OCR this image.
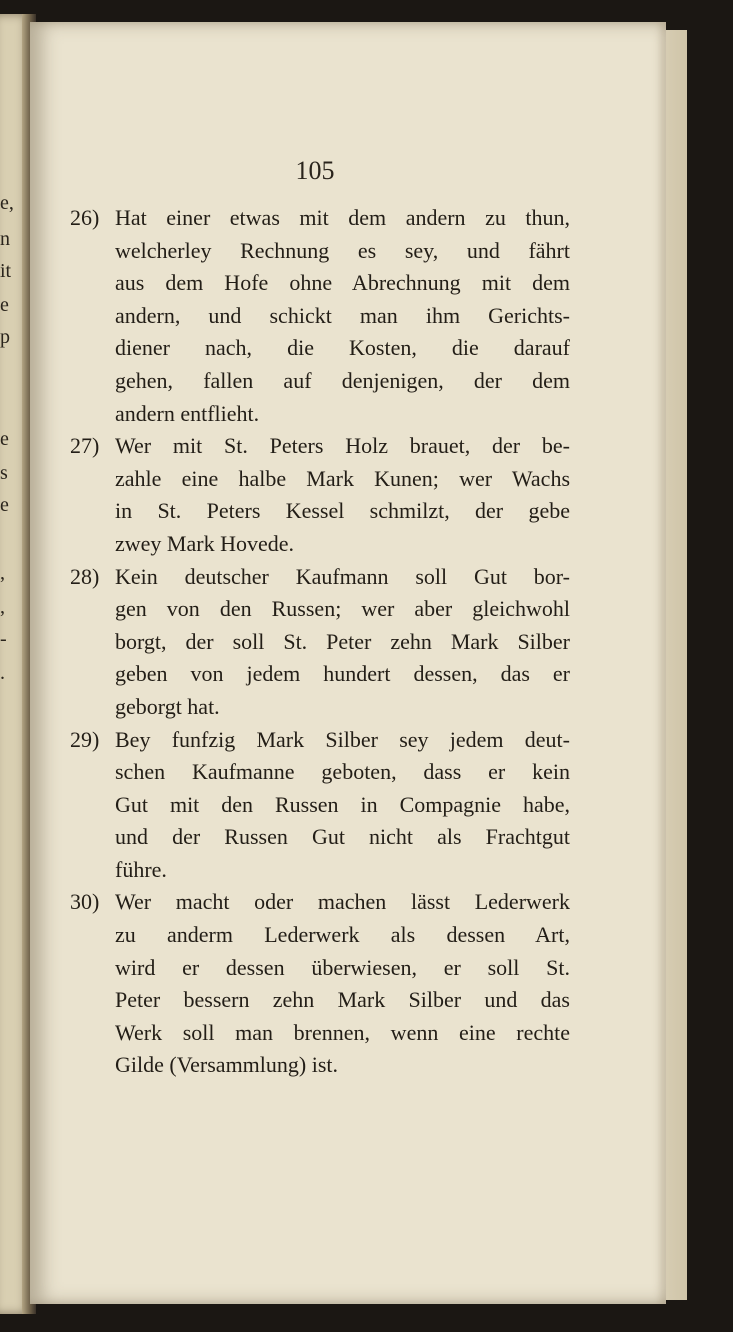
e,
n
it
e
p
e
s
e
,
,
-
.
105
26) Hat einer etwas mit dem andern zu thun,
welcherley Rechnung es sey, und fährt
aus dem Hofe ohne Abrechnung mit dem
andern, und schickt man ihm Gerichts-
diener nach, die Kosten, die darauf
gehen, fallen auf denjenigen, der dem
andern entflieht.
27) Wer mit St. Peters Holz brauet, der be-
zahle eine halbe Mark Kunen; wer Wachs
in St. Peters Kessel schmilzt, der gebe
zwey Mark Hovede.
28) Kein deutscher Kaufmann soll Gut bor-
gen von den Russen; wer aber gleichwohl
borgt, der soll St. Peter zehn Mark Silber
geben von jedem hundert dessen, das er
geborgt hat.
29) Bey funfzig Mark Silber sey jedem deut-
schen Kaufmanne geboten, dass er kein
Gut mit den Russen in Compagnie habe,
und der Russen Gut nicht als Frachtgut
führe.
30) Wer macht oder machen lässt Lederwerk
zu anderm Lederwerk als dessen Art,
wird er dessen überwiesen, er soll St.
Peter bessern zehn Mark Silber und das
Werk soll man brennen, wenn eine rechte
Gilde (Versammlung) ist.
